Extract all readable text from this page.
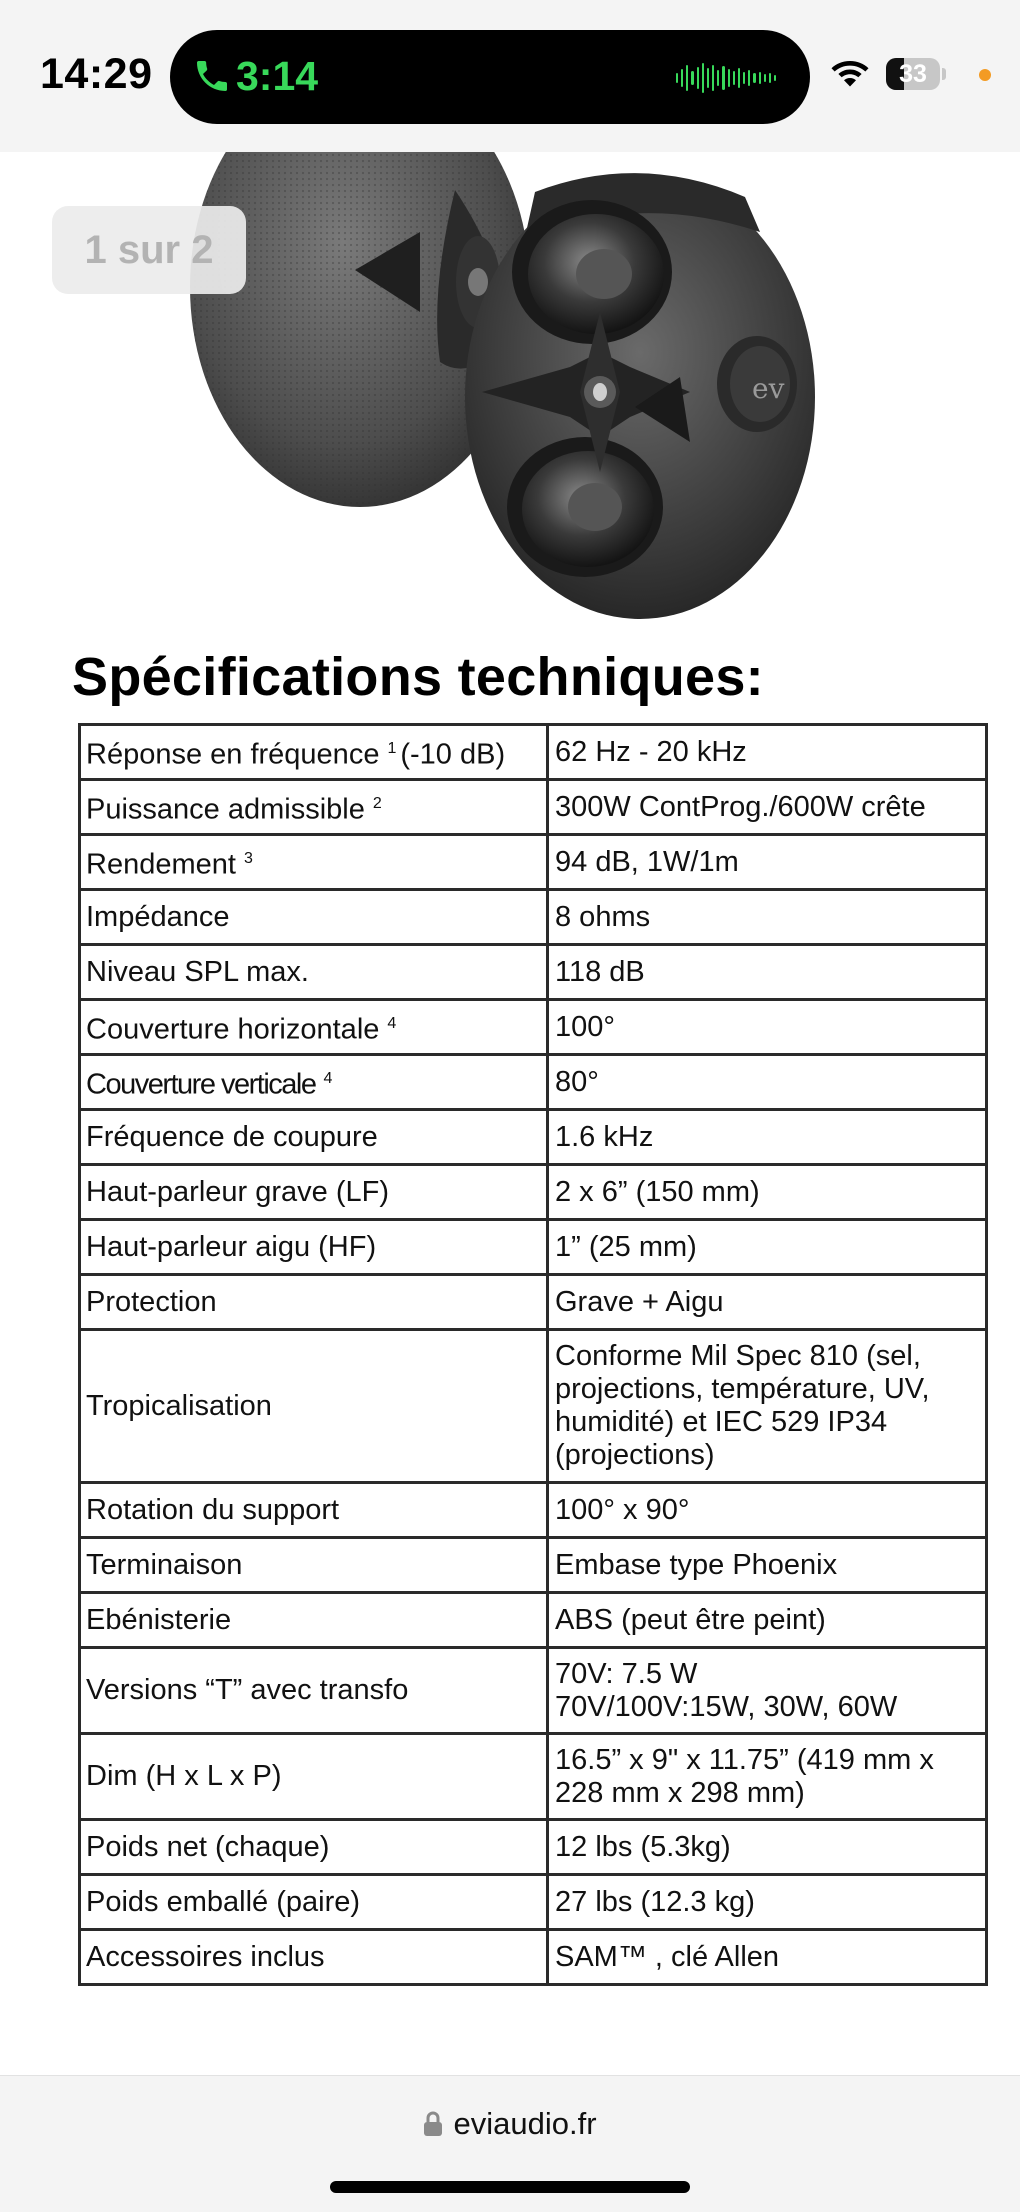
14:29 3:14	33
ev
1 sur 2
Spécifications techniques:
Réponse en fréquence $^1$ (-10 dB)	62 Hz - 20 kHz
Puissance admissible $^2$	300W ContProg./600W crête
Rendement $^3$	94 dB, 1W/1m
Impédance	8 ohms
Niveau SPL max.	118 dB
Couverture horizontale $^4$	100°
Couverture verticale $^4$	80°
Fréquence de coupure	1.6 kHz
Haut-parleur grave (LF)	2 x 6” (150 mm)
Haut-parleur aigu (HF)	1” (25 mm)
Protection	Grave + Aigu
Tropicalisation	Conforme Mil Spec 810 (sel, projections, température, UV, humidité) et IEC 529 IP34 (projections)
Rotation du support	100° x 90°
Terminaison	Embase type Phoenix
Ebénisterie	ABS (peut être peint)
Versions “T” avec transfo	70V: 7.5 W
70V/100V:15W, 30W, 60W
Dim (H x L x P)	16.5” x 9" x 11.75” (419 mm x 228 mm x 298 mm)
Poids net (chaque)	12 lbs (5.3kg)
Poids emballé (paire)	27 lbs (12.3 kg)
Accessoires inclus	SAM™ , clé Allen
eviaudio.fr
